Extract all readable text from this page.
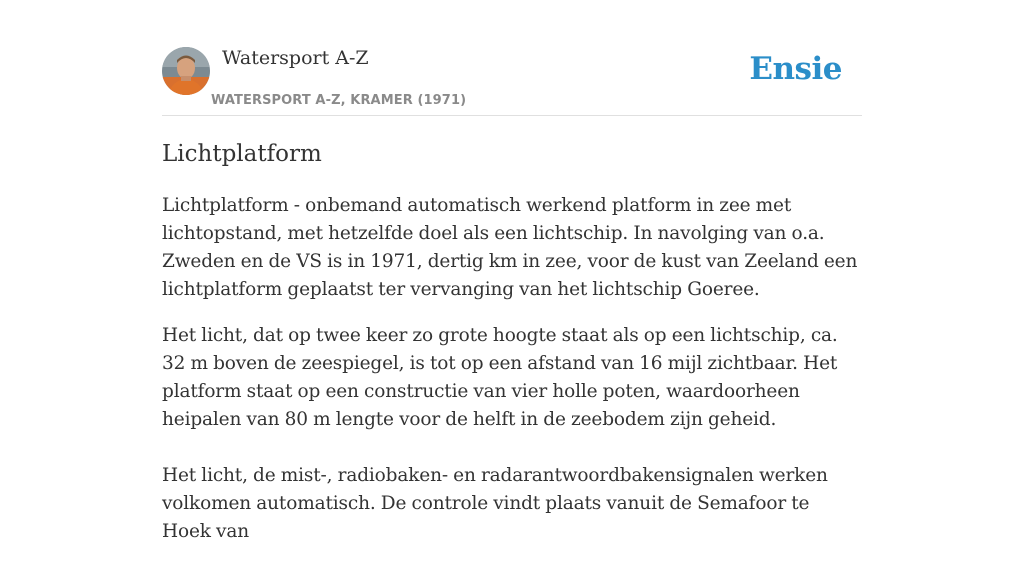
Watersport A-Z
WATERSPORT A-Z, KRAMER (1971)
Ensie
Lichtplatform

Lichtplatform - onbemand automatisch werkend platform in zee met lichtopstand, met hetzelfde doel als een lichtschip. In navolging van o.a. Zweden en de VS is in 1971, dertig km in zee, voor de kust van Zeeland een lichtplatform geplaatst ter vervanging van het lichtschip Goeree.

Het licht, dat op twee keer zo grote hoogte staat als op een lichtschip, ca. 32 m boven de zeespiegel, is tot op een afstand van 16 mijl zichtbaar. Het platform staat op een constructie van vier holle poten, waardoorheen heipalen van 80 m lengte voor de helft in de zeebodem zijn geheid.

Het licht, de mist-, radiobaken- en radarantwoordbakensignalen werken volkomen automatisch. De controle vindt plaats vanuit de Semafoor te Hoek van
